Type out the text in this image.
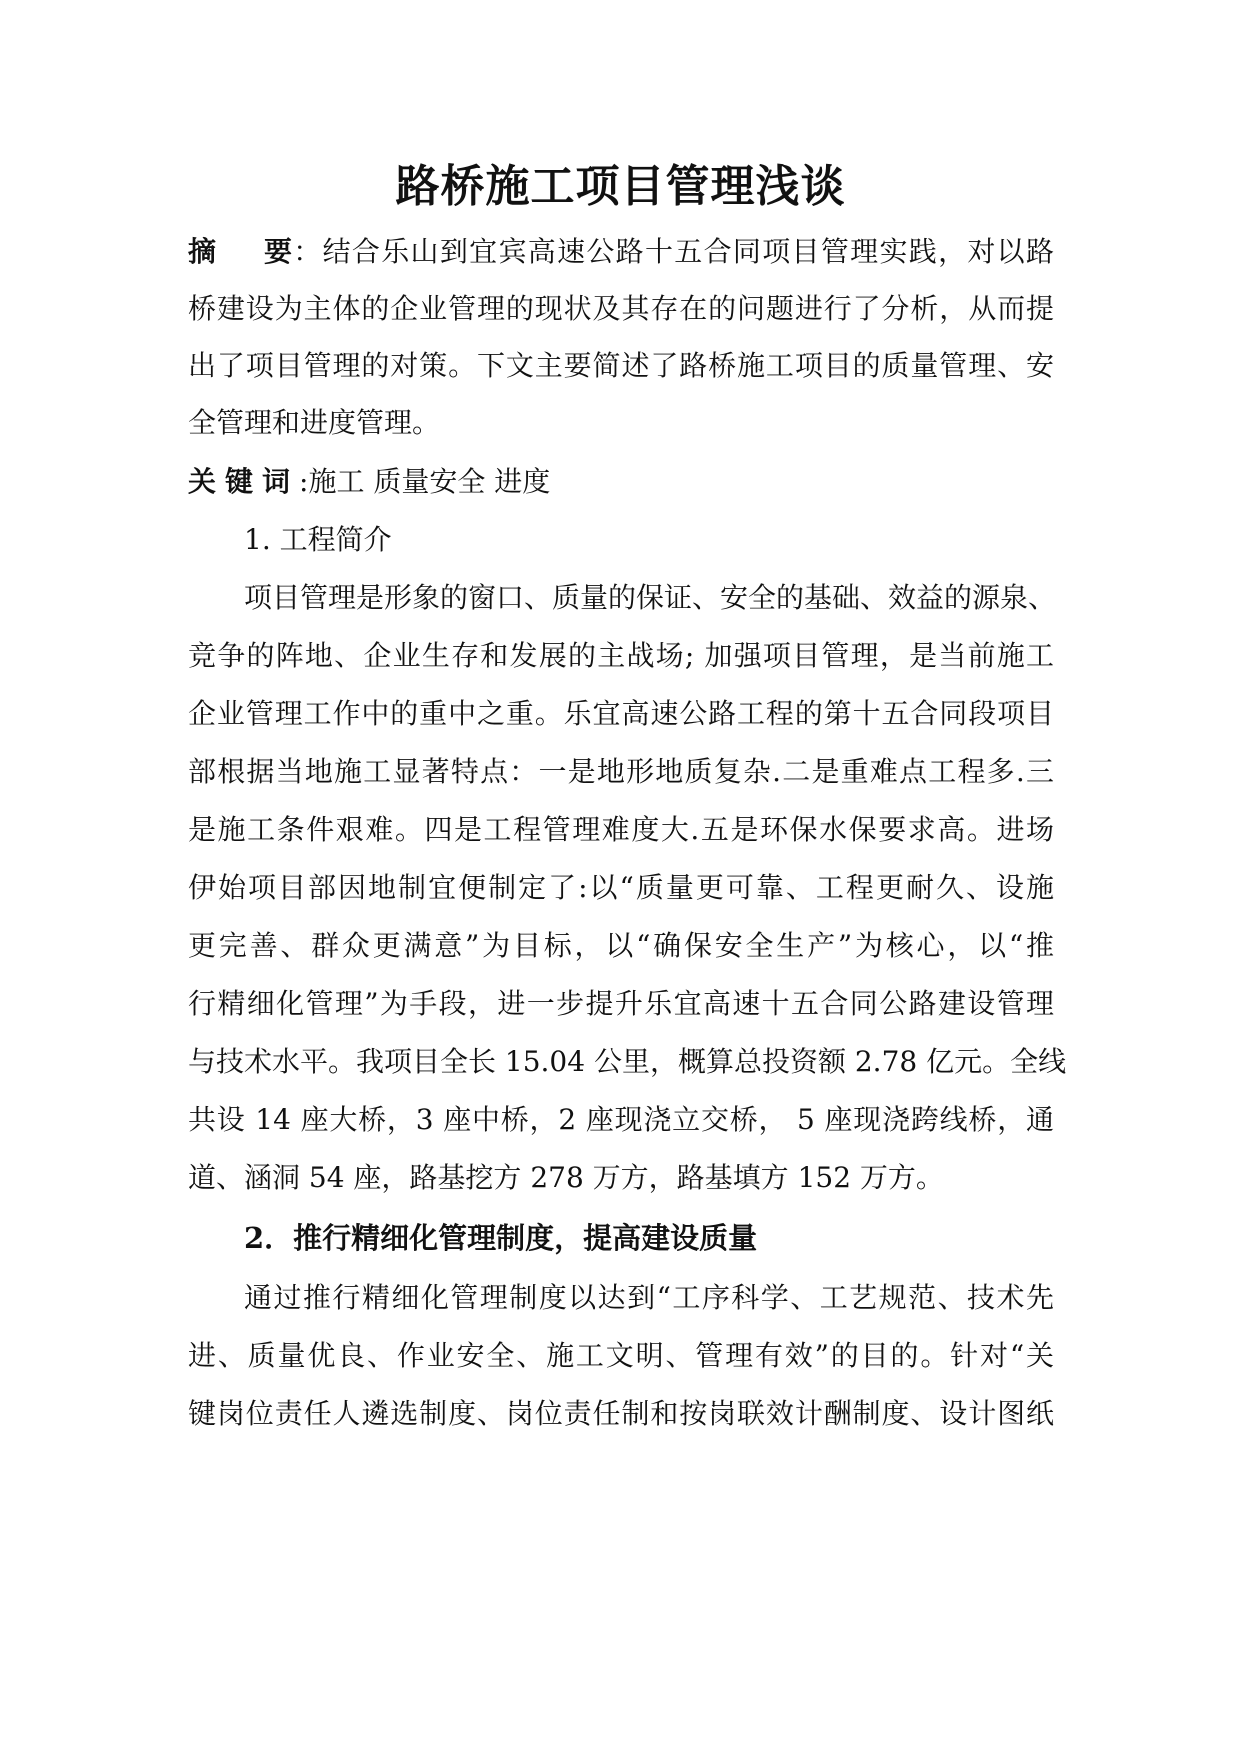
路桥施工项目管理浅谈
摘 要：结合乐山到宜宾高速公路十五合同项目管理实践，对以路
桥建设为主体的企业管理的现状及其存在的问题进行了分析，从而提
出了项目管理的对策。下文主要简述了路桥施工项目的质量管理、安
全管理和进度管理。
关键词:施工 质量安全 进度
1. 工程简介
项目管理是形象的窗口、质量的保证、安全的基础、效益的源泉、
竞争的阵地、企业生存和发展的主战场; 加强项目管理，是当前施工
企业管理工作中的重中之重。乐宜高速公路工程的第十五合同段项目
部根据当地施工显著特点：一是地形地质复杂.二是重难点工程多.三
是施工条件艰难。四是工程管理难度大.五是环保水保要求高。进场
伊始项目部因地制宜便制定了:以“质量更可靠、工程更耐久、设施
更完善、群众更满意”为目标，以“确保安全生产”为核心，以“推
行精细化管理”为手段，进一步提升乐宜高速十五合同公路建设管理
与技术水平。我项目全长 15.04 公里，概算总投资额 2.78 亿元。全线
共设 14 座大桥，3 座中桥，2 座现浇立交桥， 5 座现浇跨线桥，通
道、涵洞 54 座，路基挖方 278 万方，路基填方 152 万方。
2．推行精细化管理制度，提高建设质量
通过推行精细化管理制度以达到“工序科学、工艺规范、技术先
进、质量优良、作业安全、施工文明、管理有效”的目的。针对“关
键岗位责任人遴选制度、岗位责任制和按岗联效计酬制度、设计图纸
